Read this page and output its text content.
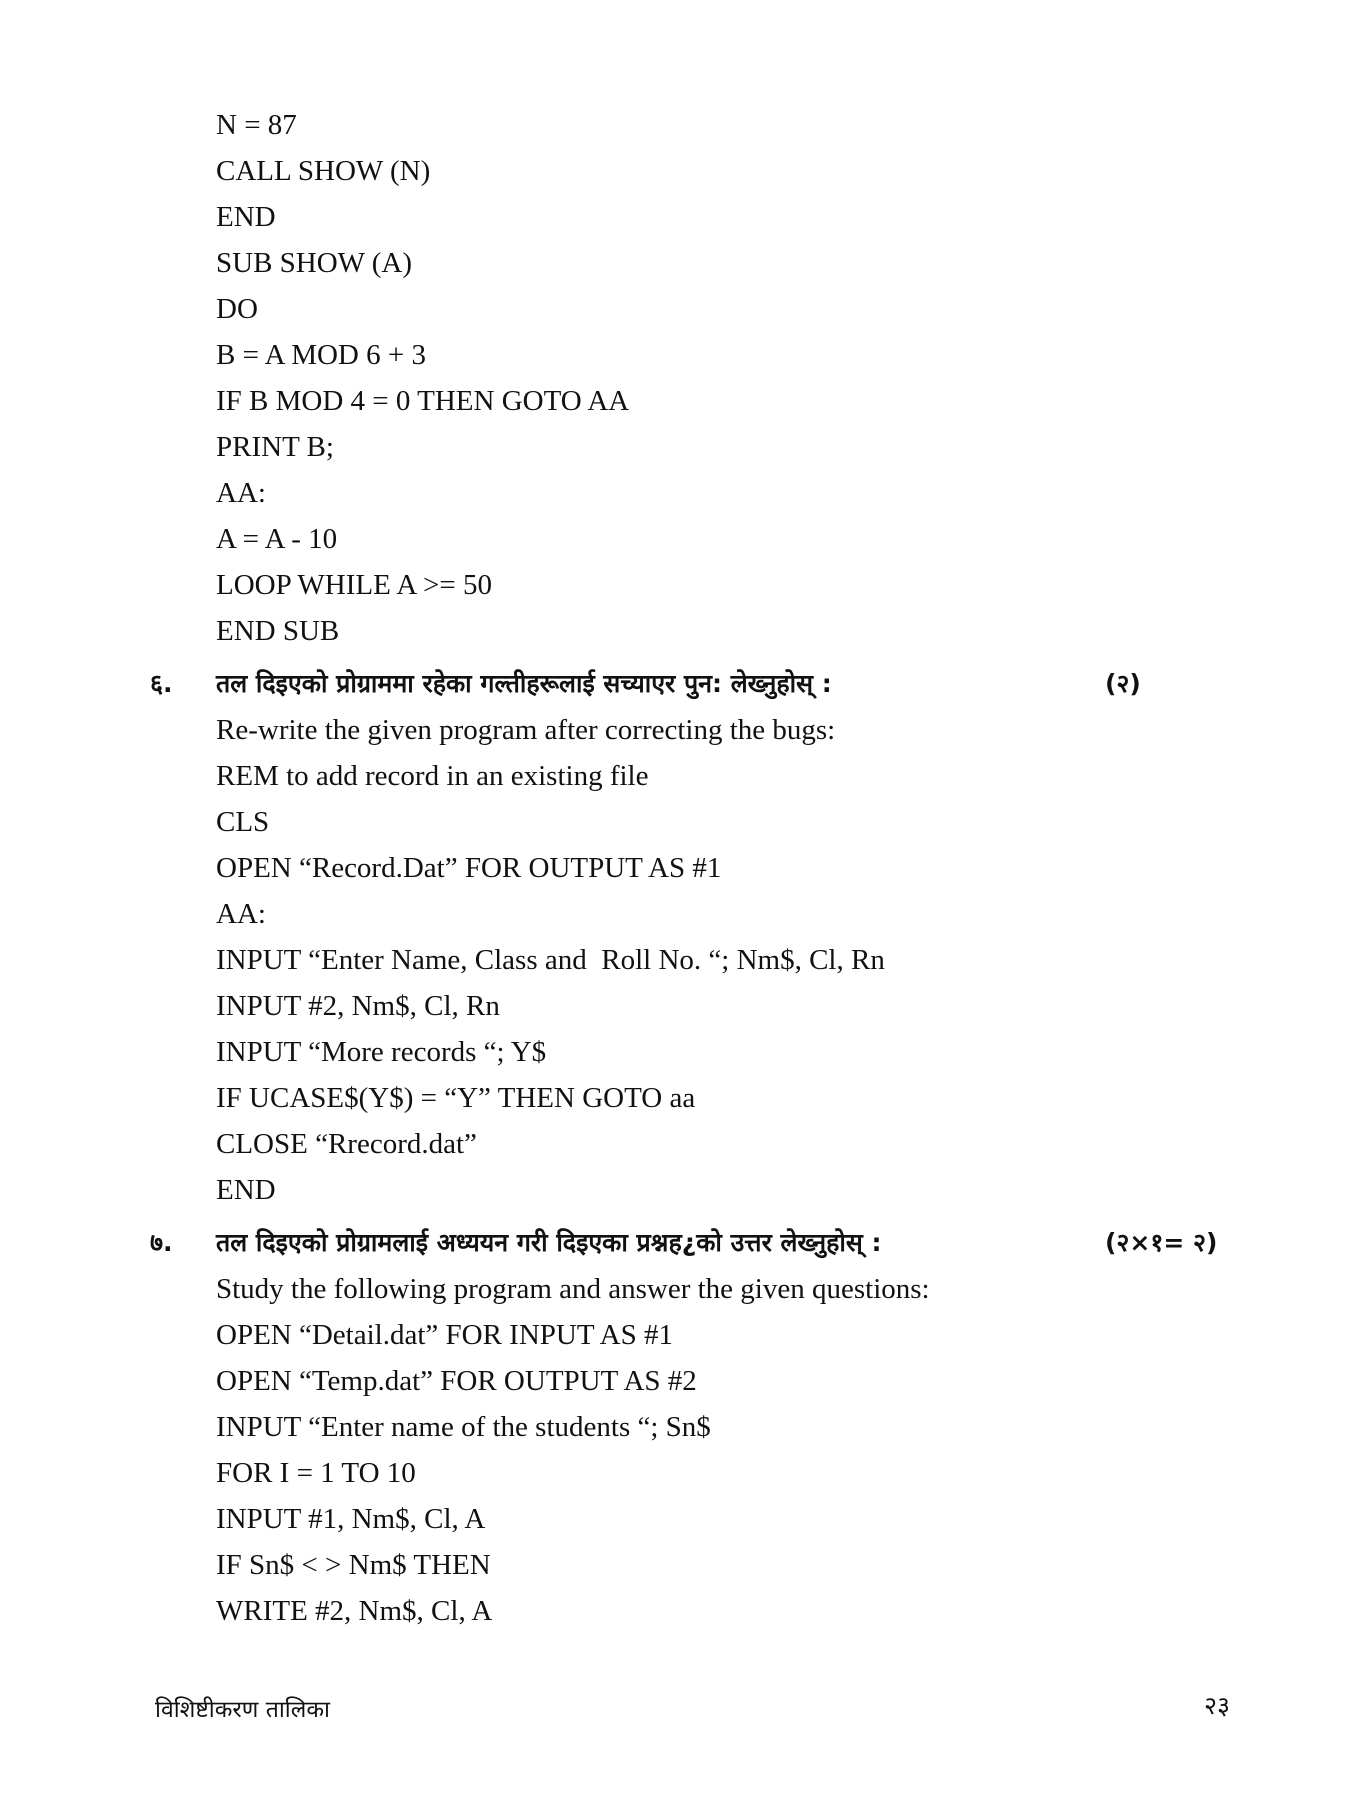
N = 87
CALL SHOW (N)
END
SUB SHOW (A)
DO
B = A MOD 6 + 3
IF B MOD 4 = 0 THEN GOTO AA
PRINT B;
AA:
A = A - 10
LOOP WHILE A >= 50
END SUB
६. तल दिइएको प्रोग्राममा रहेका गल्तीहरूलाई सच्याएर पुन: लेख्नुहोस् :	(२)
Re-write the given program after correcting the bugs:
REM to add record in an existing file
CLS
OPEN “Record.Dat” FOR OUTPUT AS #1
AA:
INPUT “Enter Name, Class and  Roll No. “; Nm$, Cl, Rn
INPUT #2, Nm$, Cl, Rn
INPUT “More records “; Y$
IF UCASE$(Y$) = “Y” THEN GOTO aa
CLOSE “Rrecord.dat”
END
७. तल दिइएको प्रोग्रामलाई अध्ययन गरी दिइएका प्रश्नह¿को उत्तर लेख्नुहोस् :	(२×१= २)
Study the following program and answer the given questions:
OPEN “Detail.dat” FOR INPUT AS #1
OPEN “Temp.dat” FOR OUTPUT AS #2
INPUT “Enter name of the students “; Sn$
FOR I = 1 TO 10
INPUT #1, Nm$, Cl, A
IF Sn$ < > Nm$ THEN
WRITE #2, Nm$, Cl, A
विशिष्टीकरण तालिका	२३
